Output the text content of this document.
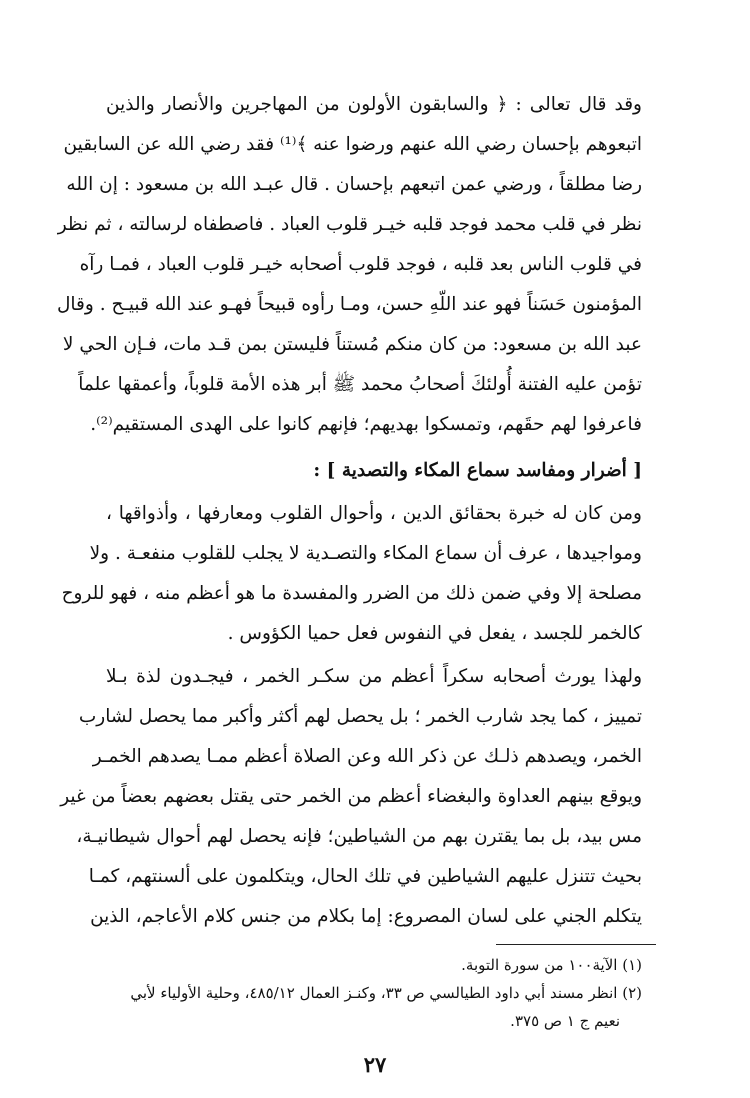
وقد قال تعالى : ﴿ والسابقون الأولون من المهاجرين والأنصار والذين
اتبعوهم بإحسان رضي الله عنهم ورضوا عنه ﴾⁽¹⁾ فقد رضي الله عن السابقين
رضا مطلقاً ، ورضي عمن اتبعهم بإحسان . قال عبـد الله بن مسعود : إن الله
نظر في قلب محمد فوجد قلبه خيـر قلوب العباد . فاصطفاه لرسالته ، ثم نظر
في قلوب الناس بعد قلبه ، فوجد قلوب أصحابه خيـر قلوب العباد ، فمـا رآه
المؤمنون حَسَناً فهو عند اللّهِ حسن، ومـا رأوه قبيحاً فهـو عند الله قبيـح . وقال
عبد الله بن مسعود: من كان منكم مُستناً فليستن بمن قـد مات، فـإن الحي لا
تؤمن عليه الفتنة أُولئكَ أصحابُ محمد ﷺ أبر هذه الأمة قلوباً، وأعمقها علماً
فاعرفوا لهم حقَهم، وتمسكوا بهديهم؛ فإنهم كانوا على الهدى المستقيم⁽²⁾.
[ أضرار ومفاسد سماع المكاء والتصدية ] :
ومن كان له خبرة بحقائق الدين ، وأحوال القلوب ومعارفها ، وأذواقها ،
ومواجيدها ، عرف أن سماع المكاء والتصـدية لا يجلب للقلوب منفعـة . ولا
مصلحة إلا وفي ضمن ذلك من الضرر والمفسدة ما هو أعظم منه ، فهو للروح
كالخمر للجسد ، يفعل في النفوس فعل حميا الكؤوس .
ولهذا يورث أصحابه سكراً أعظم من سكـر الخمر ، فيجـدون لذة بـلا
تمييز ، كما يجد شارب الخمر ؛ بل يحصل لهم أكثر وأكبر مما يحصل لشارب
الخمر، ويصدهم ذلـك عن ذكر الله وعن الصلاة أعظم ممـا يصدهم الخمـر
ويوقع بينهم العداوة والبغضاء أعظم من الخمر حتى يقتل بعضهم بعضاً من غير
مس بيد، بل بما يقترن بهم من الشياطين؛ فإنه يحصل لهم أحوال شيطانيـة،
بحيث تتنزل عليهم الشياطين في تلك الحال، ويتكلمون على ألسنتهم، كمـا
يتكلم الجني على لسان المصروع: إما بكلام من جنس كلام الأعاجم، الذين
(١) الآية١٠٠ من سورة التوبة.
(٢) انظر مسند أبي داود الطيالسي ص ٣٣، وكنـز العمال ٤٨٥/١٢، وحلية الأولياء لأبي
نعيم ج ١ ص ٣٧٥.
٢٧
